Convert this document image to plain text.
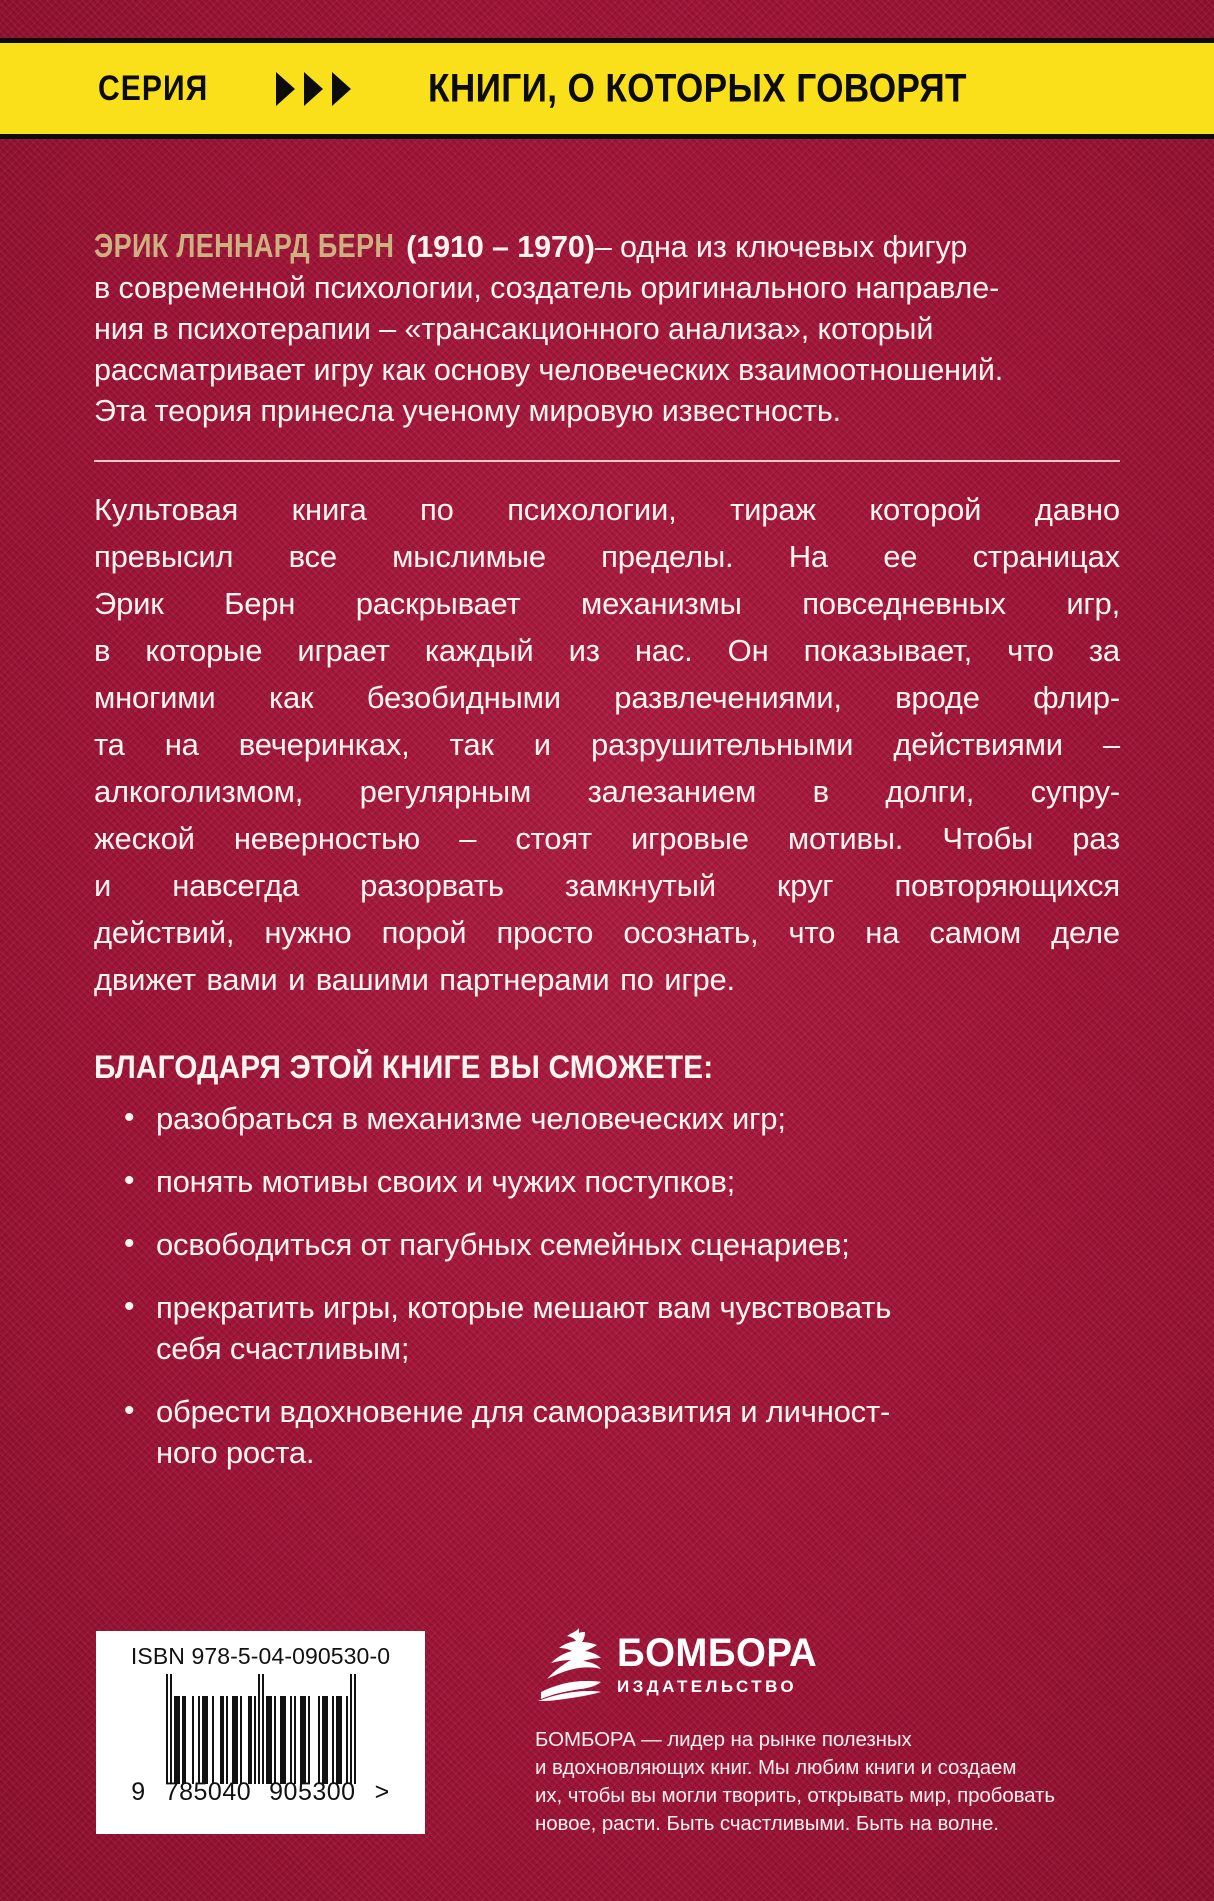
СЕРИЯ	КНИГИ, О КОТОРЫХ ГОВОРЯТ
ЭРИК ЛЕННАРД БЕРН (1910 – 1970)– одна из ключевых фигур
в современной психологии, создатель оригинального направле-
ния в психотерапии – «трансакционного анализа», который
рассматривает игру как основу человеческих взаимоотношений.
Эта теория принесла ученому мировую известность.
Культовая книга по психологии, тираж которой давно
превысил все мыслимые пределы. На ее страницах
Эрик Берн раскрывает механизмы повседневных игр,
в которые играет каждый из нас. Он показывает, что за
многими как безобидными развлечениями, вроде флир-
та на вечеринках, так и разрушительными действиями –
алкоголизмом, регулярным залезанием в долги, супру-
жеской неверностью – стоят игровые мотивы. Чтобы раз
и навсегда разорвать замкнутый круг повторяющихся
действий, нужно порой просто осознать, что на самом деле
движет вами и вашими партнерами по игре.
БЛАГОДАРЯ ЭТОЙ КНИГЕ ВЫ СМОЖЕТЕ:
• разобраться в механизме человеческих игр;
• понять мотивы своих и чужих поступков;
• освободиться от пагубных семейных сценариев;
• прекратить игры, которые мешают вам чувствовать
себя счастливым;
• обрести вдохновение для саморазвития и личност-
ного роста.
ISBN 978-5-04-090530-0
9 785040 905300 >
БОМБОРА
ИЗДАТЕЛЬСТВО
БОМБОРА — лидер на рынке полезных
и вдохновляющих книг. Мы любим книги и создаем
их, чтобы вы могли творить, открывать мир, пробовать
новое, расти. Быть счастливыми. Быть на волне.
